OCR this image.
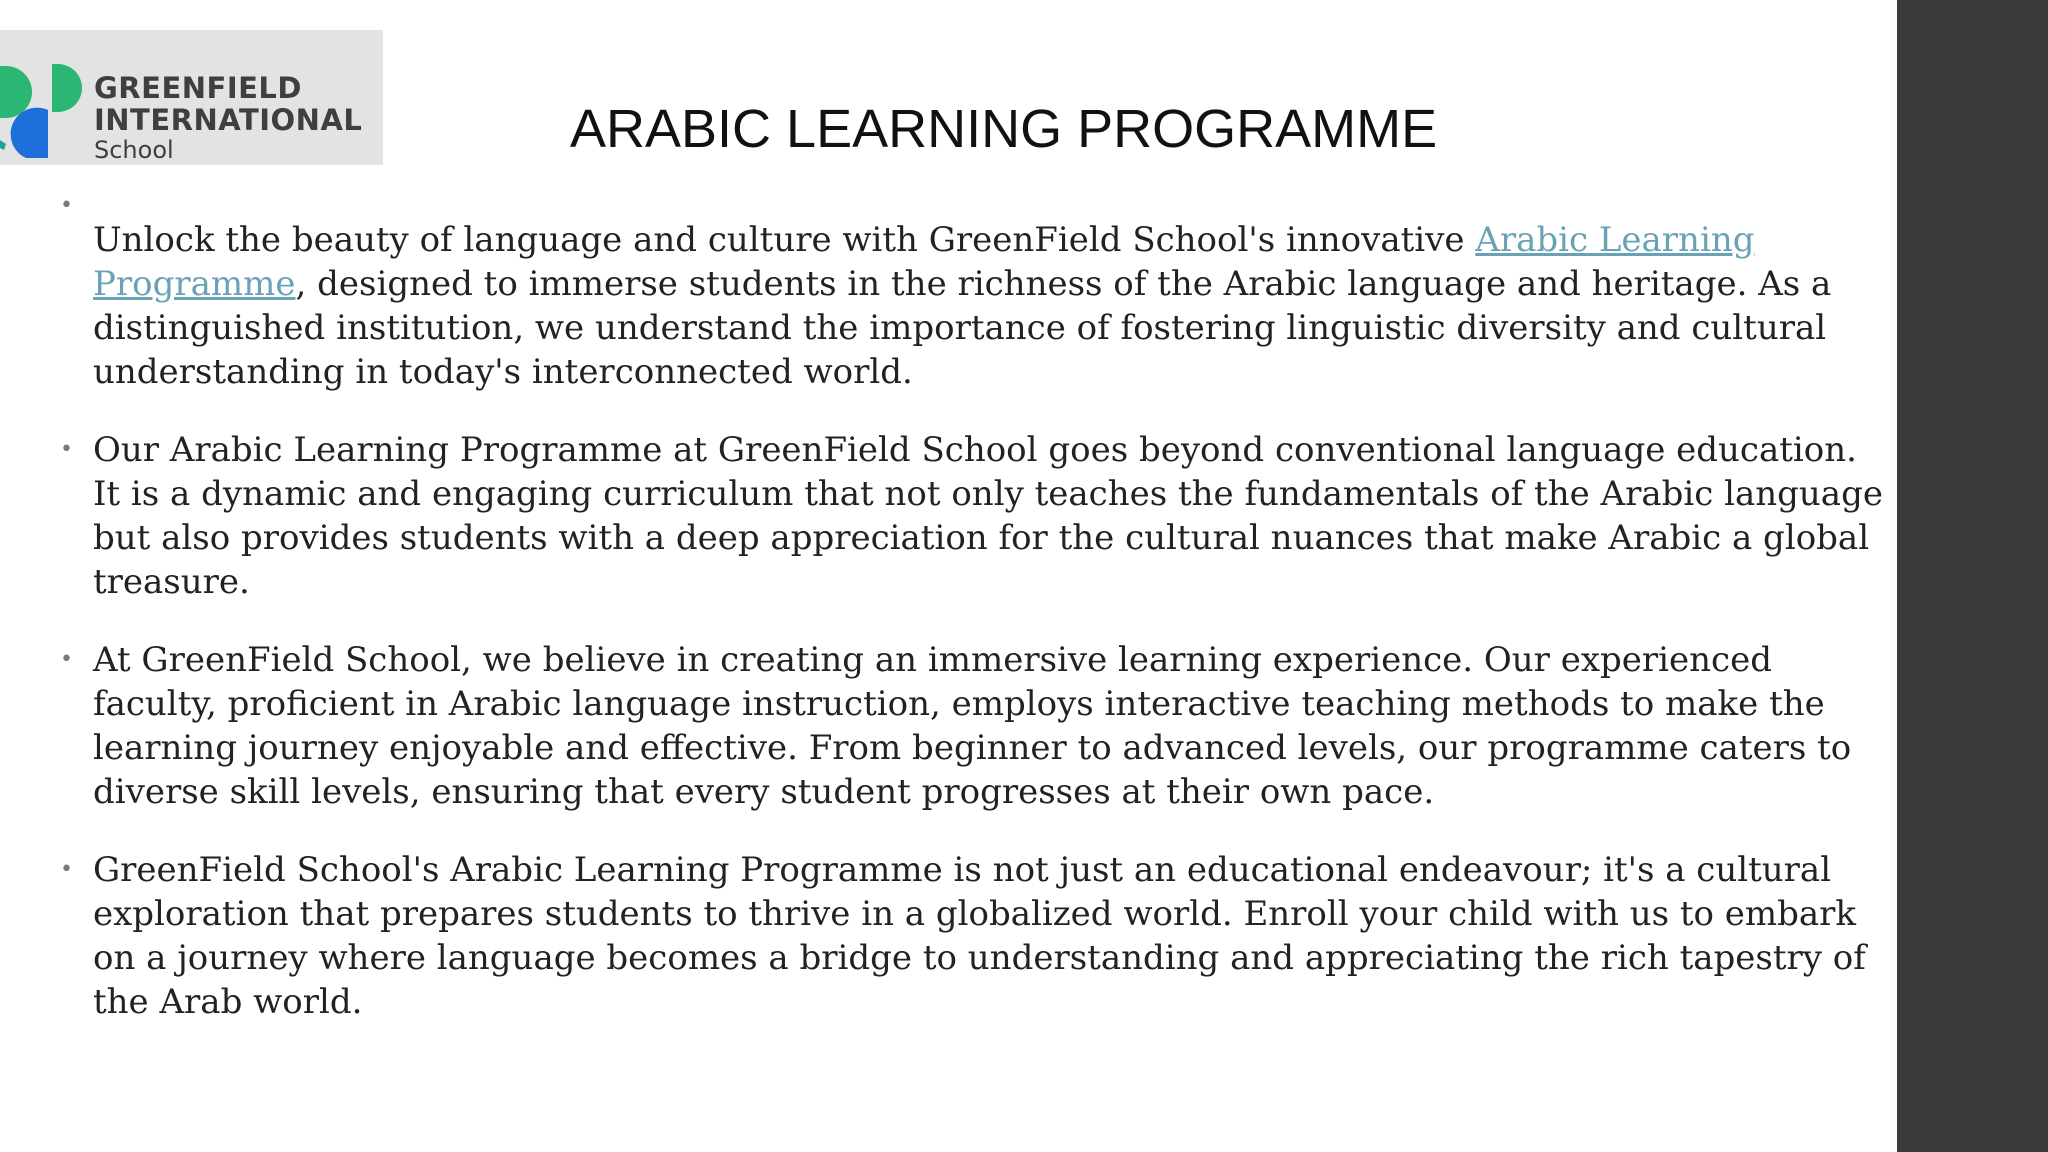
GREENFIELD
INTERNATIONAL
School	ARABIC LEARNING PROGRAMME
• Unlock the beauty of language and culture with GreenField School's innovative Arabic Learning Programme, designed to immerse students in the richness of the Arabic language and heritage. As a distinguished institution, we understand the importance of fostering linguistic diversity and cultural understanding in today's interconnected world.
• Our Arabic Learning Programme at GreenField School goes beyond conventional language education. It is a dynamic and engaging curriculum that not only teaches the fundamentals of the Arabic language but also provides students with a deep appreciation for the cultural nuances that make Arabic a global treasure.
• At GreenField School, we believe in creating an immersive learning experience. Our experienced faculty, proficient in Arabic language instruction, employs interactive teaching methods to make the learning journey enjoyable and effective. From beginner to advanced levels, our programme caters to diverse skill levels, ensuring that every student progresses at their own pace.
• GreenField School's Arabic Learning Programme is not just an educational endeavour; it's a cultural exploration that prepares students to thrive in a globalized world. Enroll your child with us to embark on a journey where language becomes a bridge to understanding and appreciating the rich tapestry of the Arab world.
